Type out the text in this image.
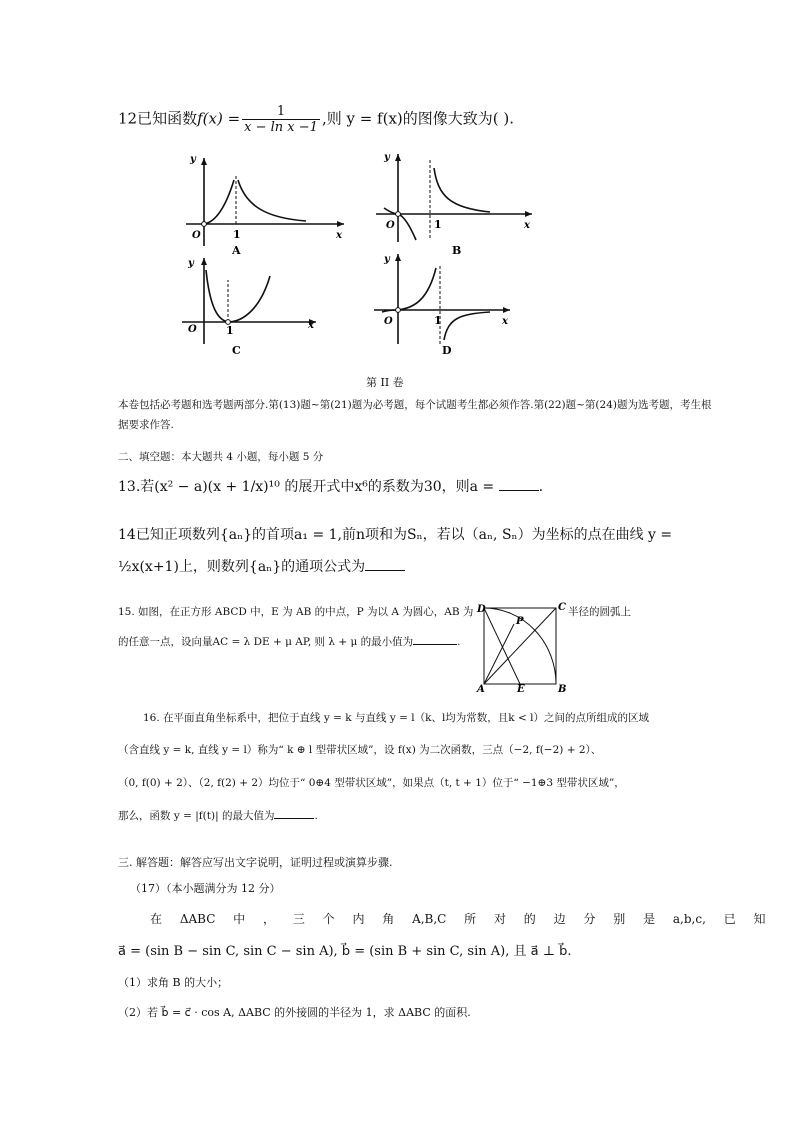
12已知函数$f(x) = \frac{1}{\text{x − ln x −1}}$ ,则 y = f(x)的图像大致为( ).
y
x
O	1
A
y
x
O	1
B
y
x
O	1
C
y
x
O	1
D
第 II 卷
本卷包括必考题和选考题两部分.第(13)题~第(21)题为必考题，每个试题考生都必须作答.第(22)题~第(24)题为选考题，考生根据要求作答.
二、填空题：本大题共 4 小题，每小题 5 分
13.若(x² − a)(x + 1/x)¹⁰ 的展开式中x⁶的系数为30，则a =	.
14已知正项数列{aₙ}的首项a₁ = 1,前n项和为Sₙ，若以（aₙ, Sₙ）为坐标的点在曲线 y =
½x(x+1)上，则数列{aₙ}的通项公式为
15. 如图，在正方形 ABCD 中，E 为 AB 的中点，P 为以 A 为圆心，AB 为	半径的圆弧上
的任意一点，设向量AC = λ DE + μ AP, 则 λ + μ 的最小值为	.
D	C
A	B
E
P
16. 在平面直角坐标系中，把位于直线 y = k 与直线 y = l（k、l均为常数，且k < l）之间的点所组成的区域
（含直线 y = k, 直线 y = l）称为“ k ⊕ l 型带状区域”，设 f(x) 为二次函数，三点（−2, f(−2) + 2）、
（0, f(0) + 2）、（2, f(2) + 2）均位于“ 0⊕4 型带状区域”，如果点（t, t + 1）位于“ −1⊕3 型带状区域”，
那么，函数 y = |f(t)| 的最大值为	.
三. 解答题：解答应写出文字说明，证明过程或演算步骤.
（17）（本小题满分为 12 分）
在 ΔABC 中 ， 三 个 内 角 A,B,C 所 对 的 边 分 别 是 a,b,c, 已 知
a⃗ = (sin B − sin C, sin C − sin A), b⃗ = (sin B + sin C, sin A), 且 a⃗ ⊥ b⃗.
（1）求角 B 的大小；
（2）若 b⃗ = c⃗ · cos A, ΔABC 的外接圆的半径为 1，求 ΔABC 的面积.
